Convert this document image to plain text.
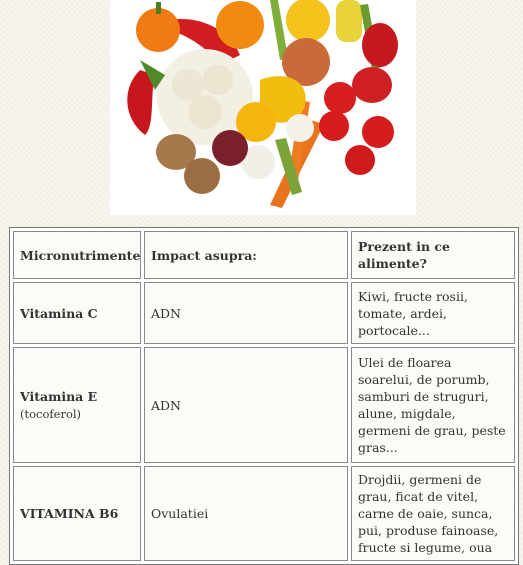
Micronutrimente	Impact asupra:	Prezent in ce alimente?

Vitamina C	ADN	Kiwi, fructe rosii, tomate, ardei, portocale...

Vitamina E
(tocoferol)	ADN	Ulei de floarea soarelui, de porumb, samburi de struguri, alune, migdale, germeni de grau, peste gras...

VITAMINA B6	Ovulatiei	Drojdii, germeni de grau, ficat de vitel, carne de oaie, sunca, pui, produse fainoase, fructe si legume, oua
